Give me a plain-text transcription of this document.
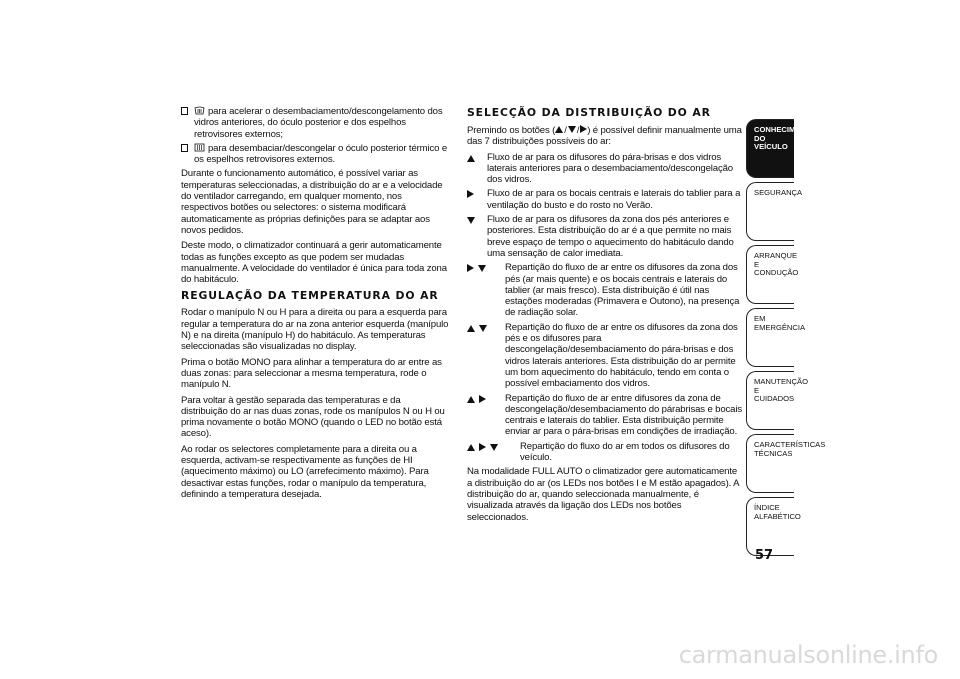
para acelerar o desembaciamento/descongelamento dos vidros anteriores, do óculo posterior e dos espelhos retrovisores externos;
para desembaciar/descongelar o óculo posterior térmico e os espelhos retrovisores externos.

Durante o funcionamento automático, é possível variar as temperaturas seleccionadas, a distribuição do ar e a velocidade do ventilador carregando, em qualquer momento, nos respectivos botões ou selectores: o sistema modificará automaticamente as próprias definições para se adaptar aos novos pedidos.

Deste modo, o climatizador continuará a gerir automaticamente todas as funções excepto as que podem ser mudadas manualmente. A velocidade do ventilador é única para toda zona do habitáculo.

REGULAÇÃO DA TEMPERATURA DO AR

Rodar o manípulo N ou H para a direita ou para a esquerda para regular a temperatura do ar na zona anterior esquerda (manípulo N) e na direita (manípulo H) do habitáculo. As temperaturas seleccionadas são visualizadas no display.

Prima o botão MONO para alinhar a temperatura do ar entre as duas zonas: para seleccionar a mesma temperatura, rode o manípulo N.

Para voltar à gestão separada das temperaturas e da distribuição do ar nas duas zonas, rode os manípulos N ou H ou prima novamente o botão MONO (quando o LED no botão está aceso).

Ao rodar os selectores completamente para a direita ou a esquerda, activam-se respectivamente as funções de HI (aquecimento máximo) ou LO (arrefecimento máximo). Para desactivar estas funções, rodar o manípulo da temperatura, definindo a temperatura desejada.

SELECÇÃO DA DISTRIBUIÇÃO DO AR

Premindo os botões ( / / ) é possível definir manualmente uma das 7 distribuições possíveis do ar:

Fluxo de ar para os difusores do pára-brisas e dos vidros laterais anteriores para o desembaciamento/descongelação dos vidros.
Fluxo de ar para os bocais centrais e laterais do tablier para a ventilação do busto e do rosto no Verão.
Fluxo de ar para os difusores da zona dos pés anteriores e posteriores. Esta distribuição do ar é a que permite no mais breve espaço de tempo o aquecimento do habitáculo dando uma sensação de calor imediata.
Repartição do fluxo de ar entre os difusores da zona dos pés (ar mais quente) e os bocais centrais e laterais do tablier (ar mais fresco). Esta distribuição é útil nas estações moderadas (Primavera e Outono), na presença de radiação solar.
Repartição do fluxo de ar entre os difusores da zona dos pés e os difusores para descongelação/desembaciamento do pára-brisas e dos vidros laterais anteriores. Esta distribuição do ar permite um bom aquecimento do habitáculo, tendo em conta o possível embaciamento dos vidros.
Repartição do fluxo de ar entre difusores da zona de descongelação/desembaciamento do párabrisas e bocais centrais e laterais do tablier. Esta distribuição permite enviar ar para o pára-brisas em condições de irradiação.
Repartição do fluxo do ar em todos os difusores do veículo.

Na modalidade FULL AUTO o climatizador gere automaticamente a distribuição do ar (os LEDs nos botões I e M estão apagados). A distribuição do ar, quando seleccionada manualmente, é visualizada através da ligação dos LEDs nos botões seleccionados.

CONHECIMENTO DO VEÍCULO
SEGURANÇA
ARRANQUE E CONDUÇÃO
EM EMERGÊNCIA
MANUTENÇÃO E CUIDADOS
CARACTERÍSTICAS TÉCNICAS
ÍNDICE ALFABÉTICO
57
carmanualsonline.info
